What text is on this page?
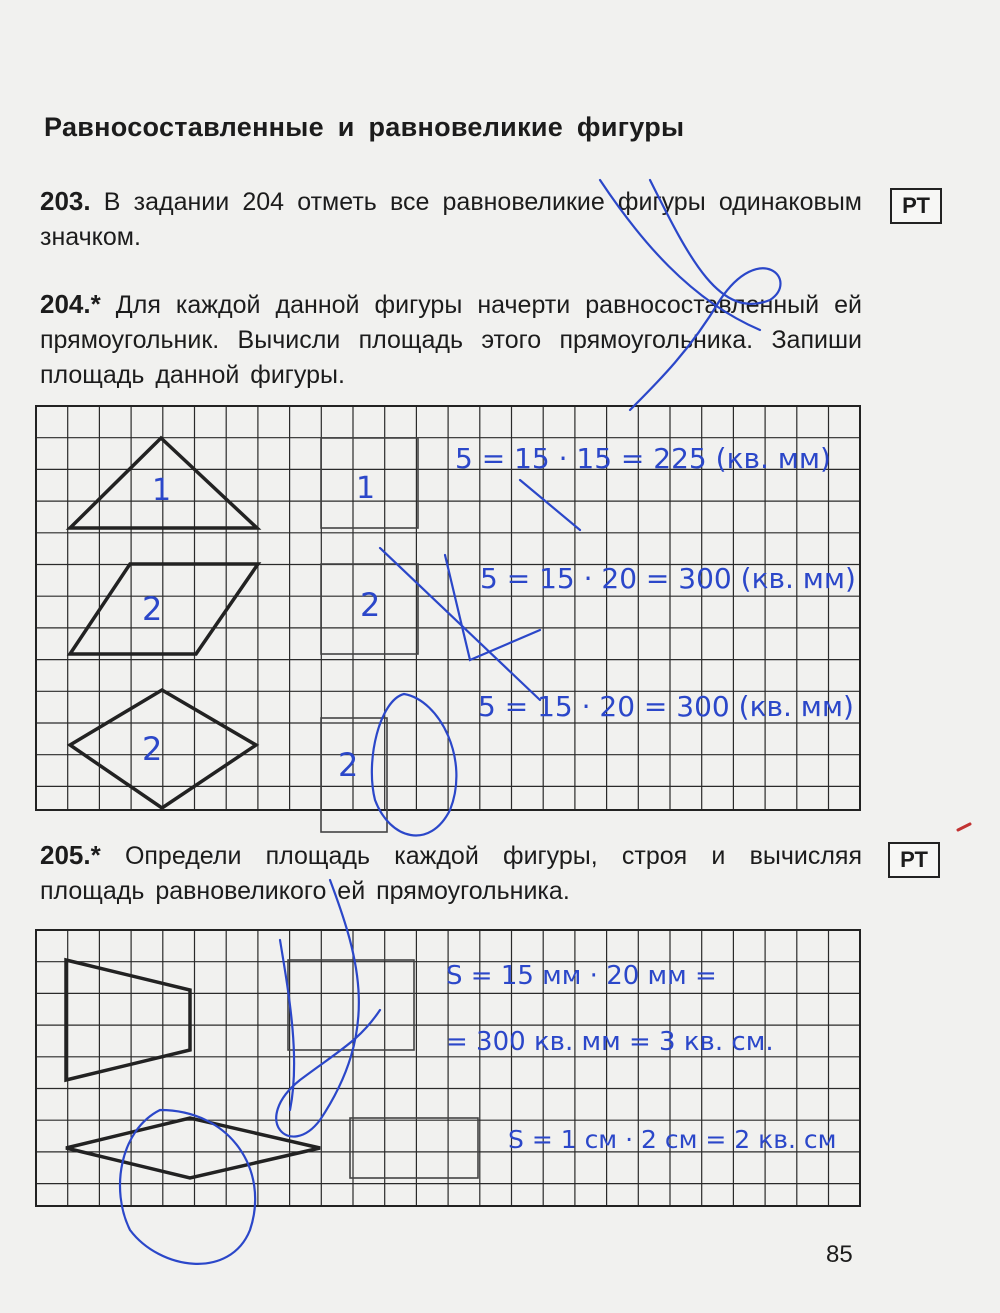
Равносоставленные и равновеликие фигуры
203. В задании 204 отметь все равновеликие фигуры одинаковым значком.
РТ
204.* Для каждой данной фигуры начерти равносоставленный ей прямоугольник. Вычисли площадь этого прямоугольника. Запиши площадь данной фигуры.
1
2
2
1
2
2
5 = 15 · 15 = 225 (кв. мм)
5 = 15 · 20 = 300 (кв. мм)
5 = 15 · 20 = 300 (кв. мм)
205.* Определи площадь каждой фигуры, строя и вычисляя площадь равновеликого ей прямоугольника.
РТ
S = 15 мм · 20 мм =
= 300 кв. мм = 3 кв. см.
S = 1 см · 2 см = 2 кв. см
85
